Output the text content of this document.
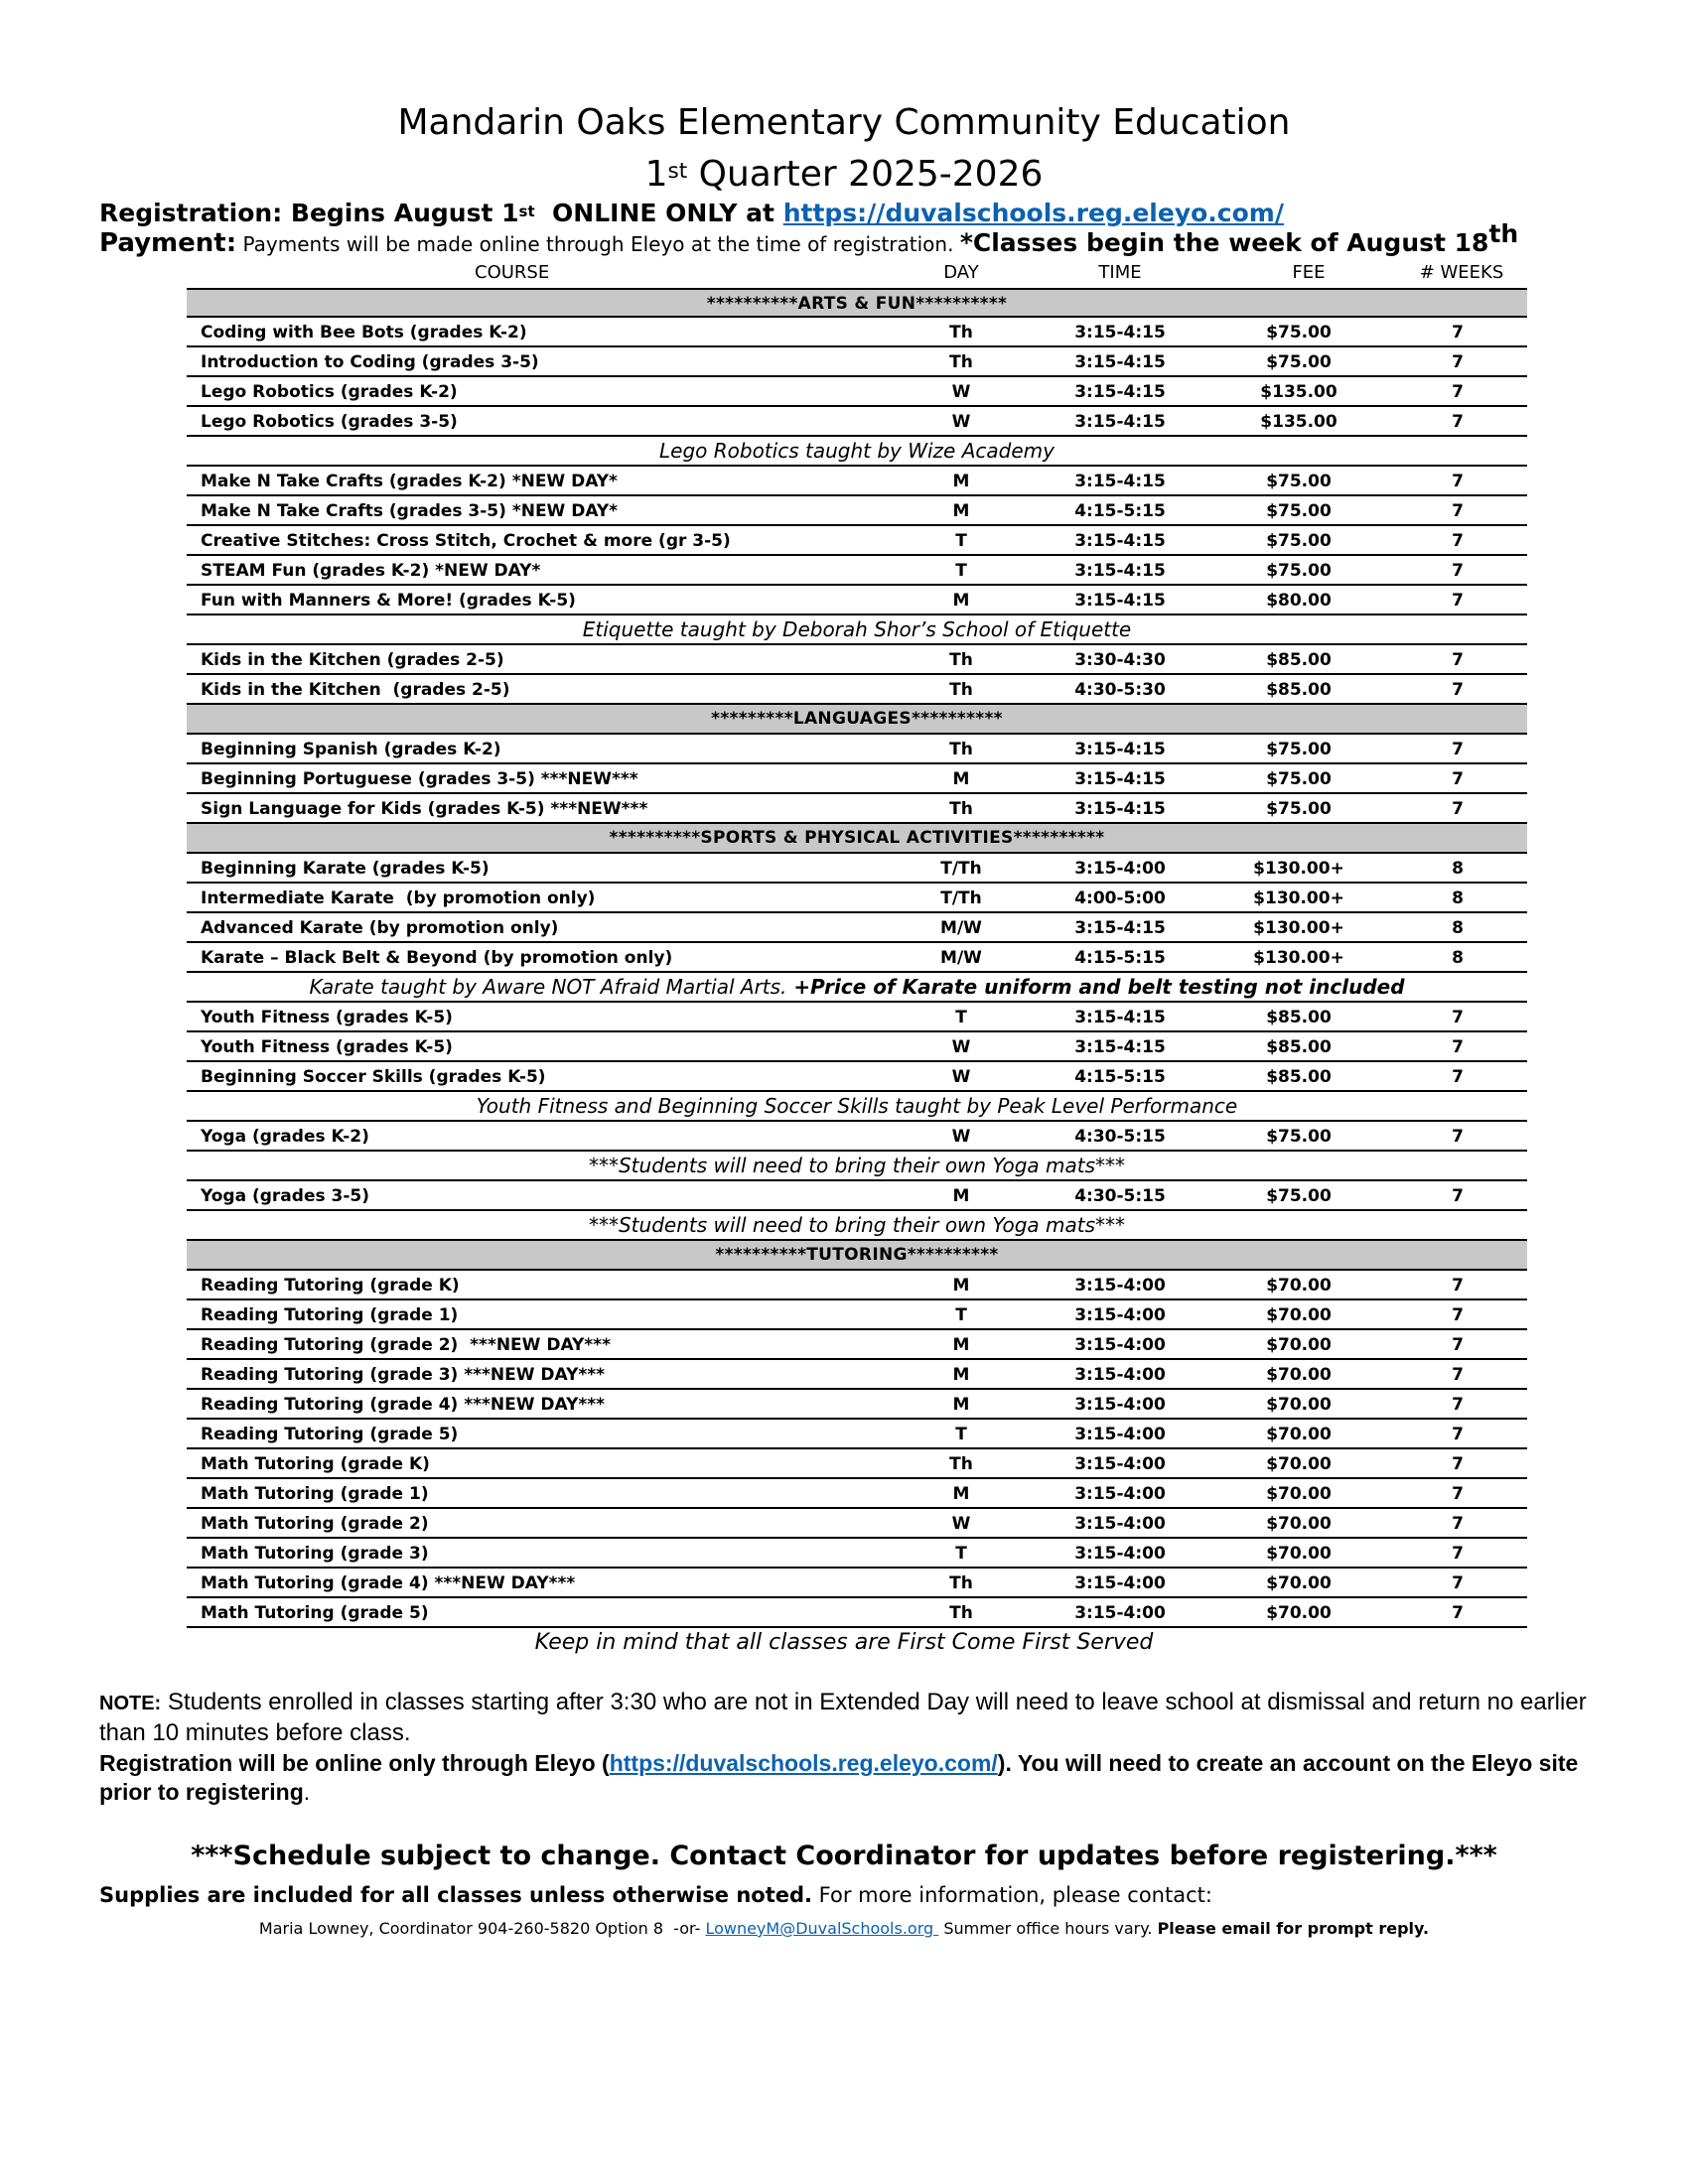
Mandarin Oaks Elementary Community Education
1st Quarter 2025-2026
Registration: Begins August 1st  ONLINE ONLY at https://duvalschools.reg.eleyo.com/
Payment: Payments will be made online through Eleyo at the time of registration. *Classes begin the week of August 18th
COURSE	DAY	TIME	FEE	# WEEKS
**********ARTS & FUN**********
Coding with Bee Bots (grades K-2)	Th	3:15-4:15	$75.00	7
Introduction to Coding (grades 3-5)	Th	3:15-4:15	$75.00	7
Lego Robotics (grades K-2)	W	3:15-4:15	$135.00	7
Lego Robotics (grades 3-5)	W	3:15-4:15	$135.00	7
Lego Robotics taught by Wize Academy
Make N Take Crafts (grades K-2) *NEW DAY*	M	3:15-4:15	$75.00	7
Make N Take Crafts (grades 3-5) *NEW DAY*	M	4:15-5:15	$75.00	7
Creative Stitches: Cross Stitch, Crochet & more (gr 3-5)	T	3:15-4:15	$75.00	7
STEAM Fun (grades K-2) *NEW DAY*	T	3:15-4:15	$75.00	7
Fun with Manners & More! (grades K-5)	M	3:15-4:15	$80.00	7
Etiquette taught by Deborah Shor’s School of Etiquette
Kids in the Kitchen (grades 2-5)	Th	3:30-4:30	$85.00	7
Kids in the Kitchen  (grades 2-5)	Th	4:30-5:30	$85.00	7
*********LANGUAGES**********
Beginning Spanish (grades K-2)	Th	3:15-4:15	$75.00	7
Beginning Portuguese (grades 3-5) ***NEW***	M	3:15-4:15	$75.00	7
Sign Language for Kids (grades K-5) ***NEW***	Th	3:15-4:15	$75.00	7
**********SPORTS & PHYSICAL ACTIVITIES**********
Beginning Karate (grades K-5)	T/Th	3:15-4:00	$130.00+	8
Intermediate Karate  (by promotion only)	T/Th	4:00-5:00	$130.00+	8
Advanced Karate (by promotion only)	M/W	3:15-4:15	$130.00+	8
Karate – Black Belt & Beyond (by promotion only)	M/W	4:15-5:15	$130.00+	8
Karate taught by Aware NOT Afraid Martial Arts. +Price of Karate uniform and belt testing not included
Youth Fitness (grades K-5)	T	3:15-4:15	$85.00	7
Youth Fitness (grades K-5)	W	3:15-4:15	$85.00	7
Beginning Soccer Skills (grades K-5)	W	4:15-5:15	$85.00	7
Youth Fitness and Beginning Soccer Skills taught by Peak Level Performance
Yoga (grades K-2)	W	4:30-5:15	$75.00	7
***Students will need to bring their own Yoga mats***
Yoga (grades 3-5)	M	4:30-5:15	$75.00	7
***Students will need to bring their own Yoga mats***
**********TUTORING**********
Reading Tutoring (grade K)	M	3:15-4:00	$70.00	7
Reading Tutoring (grade 1)	T	3:15-4:00	$70.00	7
Reading Tutoring (grade 2)  ***NEW DAY***	M	3:15-4:00	$70.00	7
Reading Tutoring (grade 3) ***NEW DAY***	M	3:15-4:00	$70.00	7
Reading Tutoring (grade 4) ***NEW DAY***	M	3:15-4:00	$70.00	7
Reading Tutoring (grade 5)	T	3:15-4:00	$70.00	7
Math Tutoring (grade K)	Th	3:15-4:00	$70.00	7
Math Tutoring (grade 1)	M	3:15-4:00	$70.00	7
Math Tutoring (grade 2)	W	3:15-4:00	$70.00	7
Math Tutoring (grade 3)	T	3:15-4:00	$70.00	7
Math Tutoring (grade 4) ***NEW DAY***	Th	3:15-4:00	$70.00	7
Math Tutoring (grade 5)	Th	3:15-4:00	$70.00	7
Keep in mind that all classes are First Come First Served
NOTE: Students enrolled in classes starting after 3:30 who are not in Extended Day will need to leave school at dismissal and return no earlier than 10 minutes before class.
Registration will be online only through Eleyo (https://duvalschools.reg.eleyo.com/). You will need to create an account on the Eleyo site prior to registering.
***Schedule subject to change. Contact Coordinator for updates before registering.***
Supplies are included for all classes unless otherwise noted. For more information, please contact:
Maria Lowney, Coordinator 904-260-5820 Option 8  -or- LowneyM@DuvalSchools.org  Summer office hours vary. Please email for prompt reply.
